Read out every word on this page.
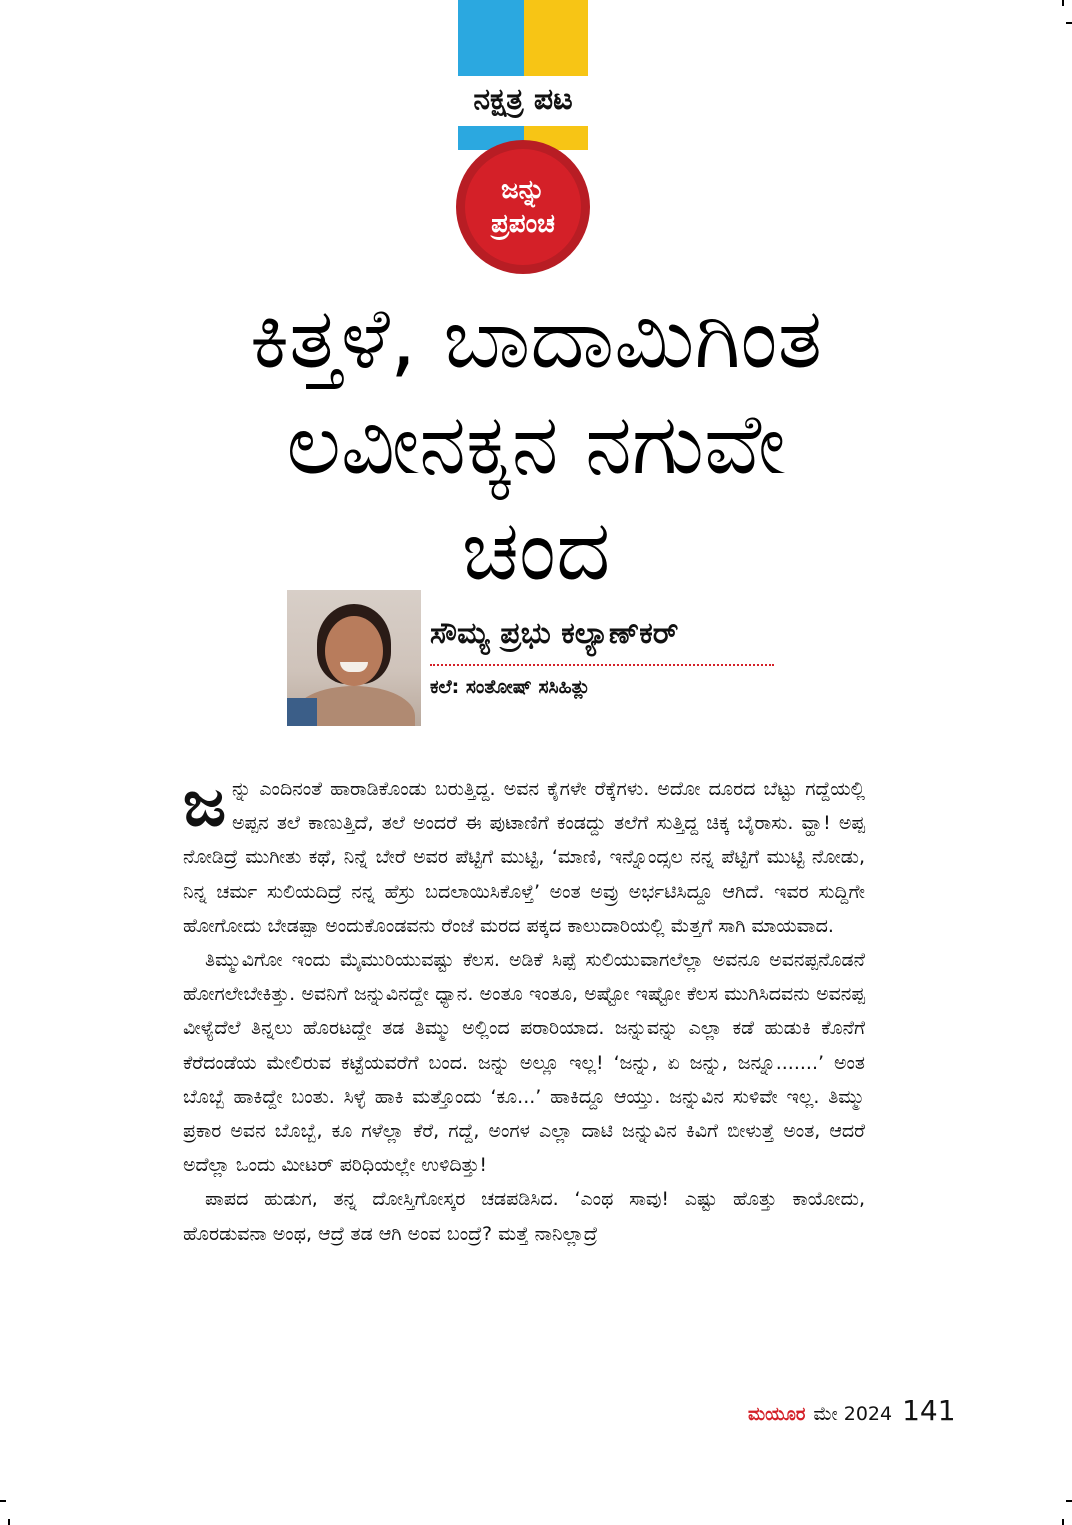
ನಕ್ಷತ್ರ ಪಟ
ಜನ್ನು
ಪ್ರಪಂಚ
ಕಿತ್ತಳೆ, ಬಾದಾಮಿಗಿಂತ
ಲವೀನಕ್ಕನ ನಗುವೇ
ಚಂದ
ಸೌಮ್ಯ ಪ್ರಭು ಕಲ್ಯಾಣ್‌ಕರ್
ಕಲೆ: ಸಂತೋಷ್ ಸಸಿಹಿತ್ಲು

ಜನ್ನು ಎಂದಿನಂತೆ ಹಾರಾಡಿಕೊಂಡು ಬರುತ್ತಿದ್ದ. ಅವನ ಕೈಗಳೇ ರೆಕ್ಕೆಗಳು. ಅದೋ ದೂರದ ಬೆಟ್ಟು ಗದ್ದೆಯಲ್ಲಿ ಅಪ್ಪನ ತಲೆ ಕಾಣುತ್ತಿದೆ, ತಲೆ ಅಂದರೆ ಈ ಪುಟಾಣಿಗೆ ಕಂಡದ್ದು ತಲೆಗೆ ಸುತ್ತಿದ್ದ ಚಿಕ್ಕ ಬೈರಾಸು. ವ್ಹಾ! ಅಪ್ಪ ನೋಡಿದ್ರೆ ಮುಗೀತು ಕಥೆ, ನಿನ್ನೆ ಬೇರೆ ಅವರ ಪೆಟ್ಟಿಗೆ ಮುಟ್ಟಿ, ‘ಮಾಣಿ, ಇನ್ನೊಂದ್ಸಲ ನನ್ನ ಪೆಟ್ಟಿಗೆ ಮುಟ್ಟಿ ನೋಡು, ನಿನ್ನ ಚರ್ಮ ಸುಲಿಯದಿದ್ರೆ ನನ್ನ ಹೆಸ್ರು ಬದಲಾಯಿಸಿಕೊಳ್ತೆ’ ಅಂತ ಅವ್ರು ಅರ್ಭಟಿಸಿದ್ದೂ ಆಗಿದೆ. ಇವರ ಸುದ್ದಿಗೇ ಹೋಗೋದು ಬೇಡಪ್ಪಾ ಅಂದುಕೊಂಡವನು ರೆಂಜೆ ಮರದ ಪಕ್ಕದ ಕಾಲುದಾರಿಯಲ್ಲಿ ಮೆತ್ತಗೆ ಸಾಗಿ ಮಾಯವಾದ.

ತಿಮ್ಮುವಿಗೋ ಇಂದು ಮೈಮುರಿಯುವಷ್ಟು ಕೆಲಸ. ಅಡಿಕೆ ಸಿಪ್ಪೆ ಸುಲಿಯುವಾಗಲೆಲ್ಲಾ ಅವನೂ ಅವನಪ್ಪನೊಡನೆ ಹೋಗಲೇಬೇಕಿತ್ತು. ಅವನಿಗೆ ಜನ್ನುವಿನದ್ದೇ ಧ್ಯಾನ. ಅಂತೂ ಇಂತೂ, ಅಷ್ಟೋ ಇಷ್ಟೋ ಕೆಲಸ ಮುಗಿಸಿದವನು ಅವನಪ್ಪ ವೀಳ್ಯೆದೆಲೆ ತಿನ್ನಲು ಹೊರಟದ್ದೇ ತಡ ತಿಮ್ಮು ಅಲ್ಲಿಂದ ಪರಾರಿಯಾದ. ಜನ್ನುವನ್ನು ಎಲ್ಲಾ ಕಡೆ ಹುಡುಕಿ ಕೊನೆಗೆ ಕೆರೆದಂಡೆಯ ಮೇಲಿರುವ ಕಟ್ಟೆಯವರೆಗೆ ಬಂದ. ಜನ್ನು ಅಲ್ಲೂ ಇಲ್ಲ! ‘ಜನ್ನು, ಏ ಜನ್ನು, ಜನ್ನೂ.......’ ಅಂತ ಬೊಬ್ಬೆ ಹಾಕಿದ್ದೇ ಬಂತು. ಸಿಳ್ಳೆ ಹಾಕಿ ಮತ್ತೊಂದು ‘ಕೂ...’ ಹಾಕಿದ್ದೂ ಆಯ್ತು. ಜನ್ನುವಿನ ಸುಳಿವೇ ಇಲ್ಲ. ತಿಮ್ಮು ಪ್ರಕಾರ ಅವನ ಬೊಬ್ಬೆ, ಕೂ ಗಳೆಲ್ಲಾ ಕೆರೆ, ಗದ್ದೆ, ಅಂಗಳ ಎಲ್ಲಾ ದಾಟಿ ಜನ್ನುವಿನ ಕಿವಿಗೆ ಬೀಳುತ್ತೆ ಅಂತ, ಆದರೆ ಅದೆಲ್ಲಾ ಒಂದು ಮೀಟರ್ ಪರಿಧಿಯಲ್ಲೇ ಉಳಿದಿತ್ತು!

ಪಾಪದ ಹುಡುಗ, ತನ್ನ ದೋಸ್ತಿಗೋಸ್ಕರ ಚಡಪಡಿಸಿದ. ‘ಎಂಥ ಸಾವು! ಎಷ್ಟು ಹೊತ್ತು ಕಾಯೋದು, ಹೊರಡುವನಾ ಅಂಥ, ಆದ್ರೆ ತಡ ಆಗಿ ಅಂವ ಬಂದ್ರೆ? ಮತ್ತೆ ನಾನಿಲ್ಲಾದ್ರೆ

ಮಯೂರ ಮೇ 2024 141
